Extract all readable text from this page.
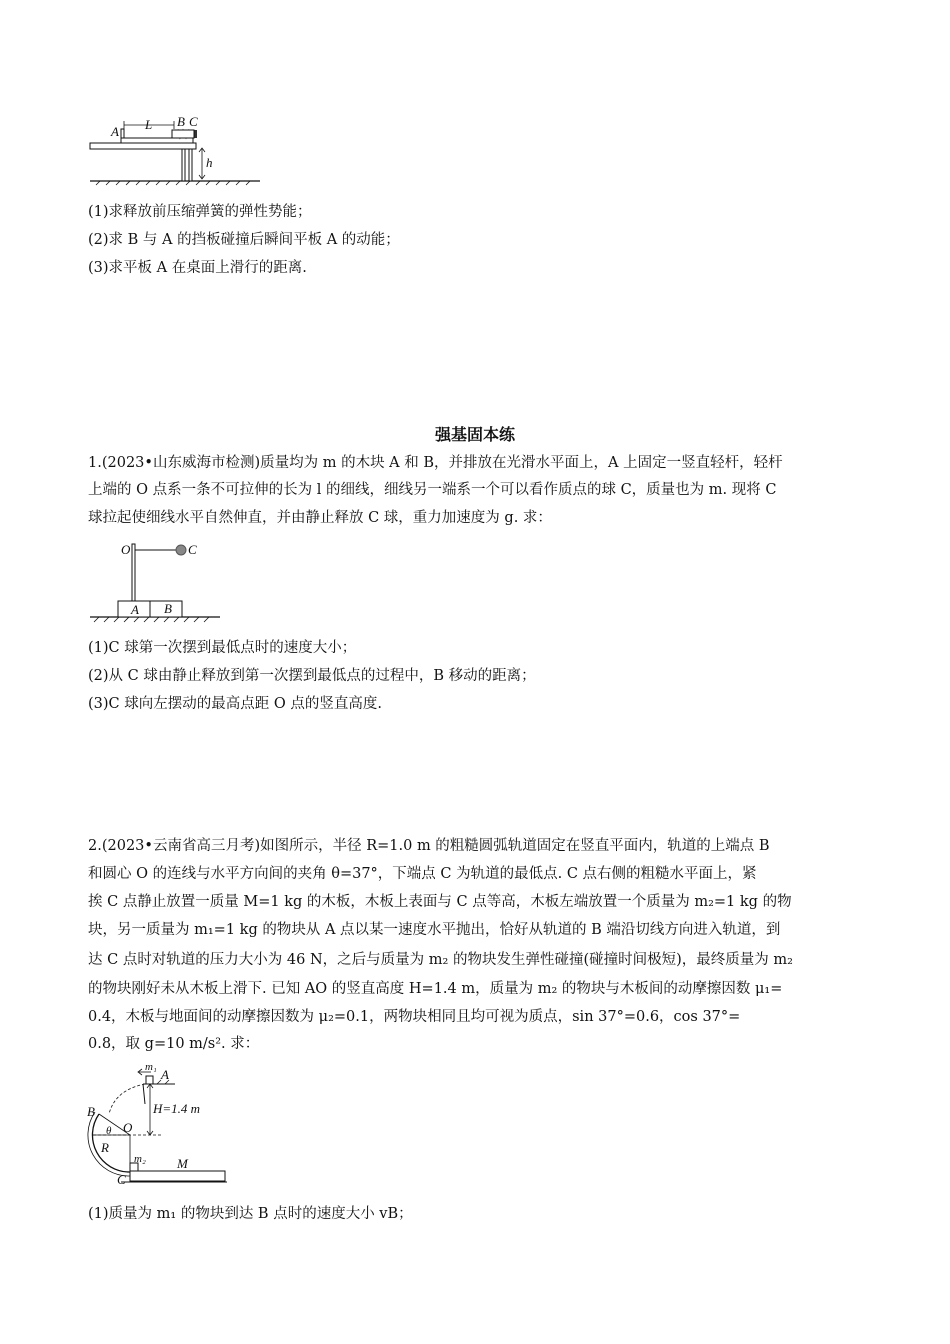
A L B C
h
(1)求释放前压缩弹簧的弹性势能；
(2)求 B 与 A 的挡板碰撞后瞬间平板 A 的动能；
(3)求平板 A 在桌面上滑行的距离.
强基固本练
1.(2023•山东威海市检测)质量均为 m 的木块 A 和 B，并排放在光滑水平面上，A 上固定一竖直轻杆，轻杆
上端的 O 点系一条不可拉伸的长为 l 的细线，细线另一端系一个可以看作质点的球 C，质量也为 m. 现将 C
球拉起使细线水平自然伸直，并由静止释放 C 球，重力加速度为 g. 求：
O	C
A B
(1)C 球第一次摆到最低点时的速度大小；
(2)从 C 球由静止释放到第一次摆到最低点的过程中，B 移动的距离；
(3)C 球向左摆动的最高点距 O 点的竖直高度.
2.(2023•云南省高三月考)如图所示，半径 R=1.0 m 的粗糙圆弧轨道固定在竖直平面内，轨道的上端点 B
和圆心 O 的连线与水平方向间的夹角 θ=37°，下端点 C 为轨道的最低点. C 点右侧的粗糙水平面上，紧
挨 C 点静止放置一质量 M=1 kg 的木板，木板上表面与 C 点等高，木板左端放置一个质量为 m₂=1 kg 的物
块，另一质量为 m₁=1 kg 的物块从 A 点以某一速度水平抛出，恰好从轨道的 B 端沿切线方向进入轨道，到
达 C 点时对轨道的压力大小为 46 N，之后与质量为 m₂ 的物块发生弹性碰撞(碰撞时间极短)，最终质量为 m₂
的物块刚好未从木板上滑下. 已知 AO 的竖直高度 H=1.4 m，质量为 m₂ 的物块与木板间的动摩擦因数 μ₁=
0.4，木板与地面间的动摩擦因数为 μ₂=0.1，两物块相同且均可视为质点，sin 37°=0.6，cos 37°=
0.8，取 g=10 m/s². 求：
m₁ A
B	H=1.4 m
θ O
R
m₂ M
C
(1)质量为 m₁ 的物块到达 B 点时的速度大小 vB；
